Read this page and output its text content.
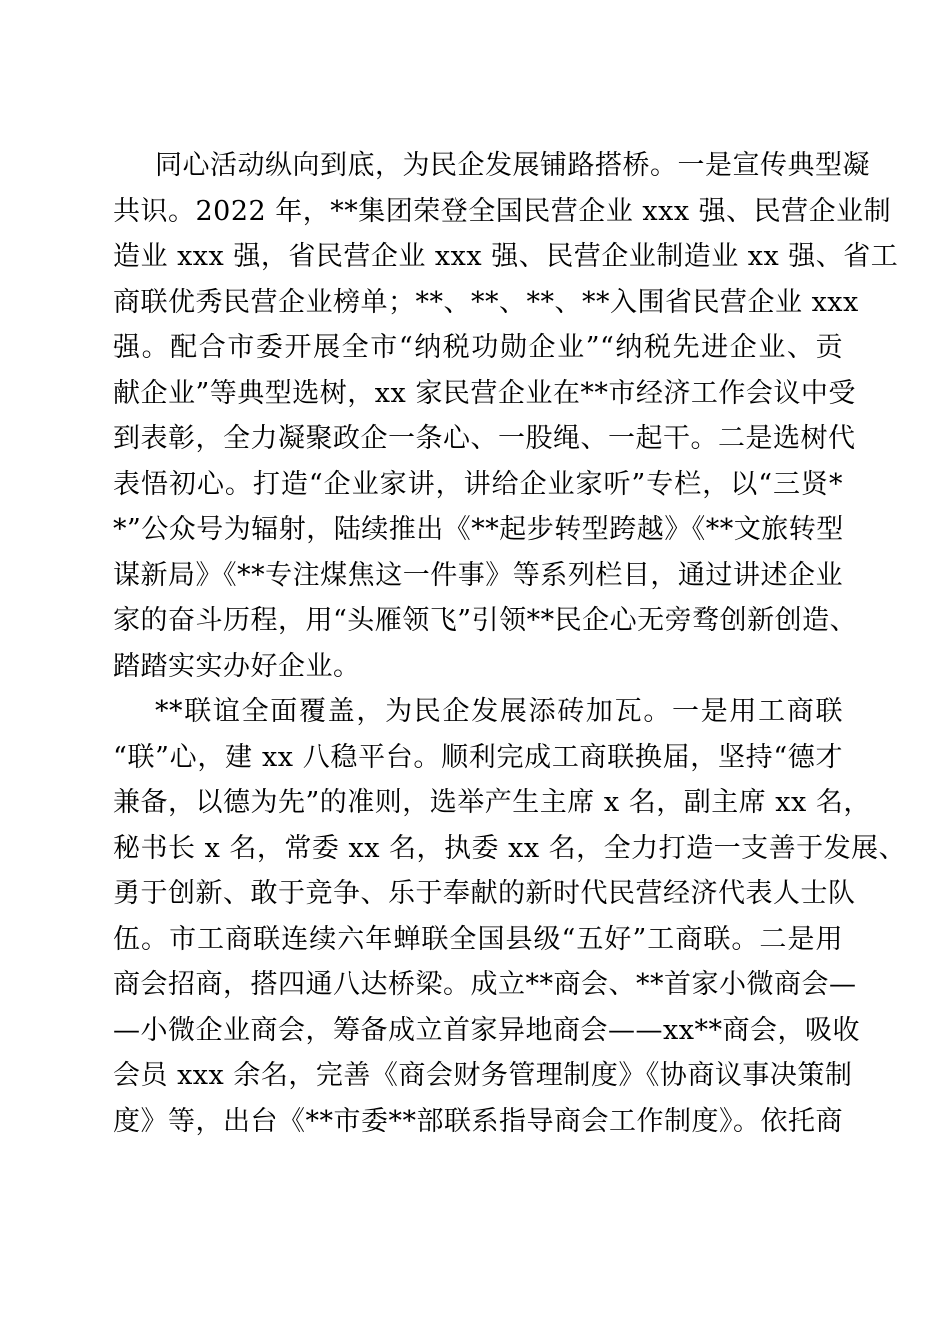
同心活动纵向到底，为民企发展铺路搭桥。一是宣传典型凝
共识。2022 年，**集团荣登全国民营企业 xxx 强、民营企业制
造业 xxx 强，省民营企业 xxx 强、民营企业制造业 xx 强、省工
商联优秀民营企业榜单；**、**、**、**入围省民营企业 xxx
强。配合市委开展全市“纳税功勋企业”“纳税先进企业、贡
献企业”等典型选树，xx 家民营企业在**市经济工作会议中受
到表彰，全力凝聚政企一条心、一股绳、一起干。二是选树代
表悟初心。打造“企业家讲，讲给企业家听”专栏，以“三贤*
*”公众号为辐射，陆续推出《**起步转型跨越》《**文旅转型
谋新局》《**专注煤焦这一件事》等系列栏目，通过讲述企业
家的奋斗历程，用“头雁领飞”引领**民企心无旁骛创新创造、
踏踏实实办好企业。
**联谊全面覆盖，为民企发展添砖加瓦。一是用工商联
“联”心，建 xx 八稳平台。顺利完成工商联换届，坚持“德才
兼备，以德为先”的准则，选举产生主席 x 名，副主席 xx 名，
秘书长 x 名，常委 xx 名，执委 xx 名，全力打造一支善于发展、
勇于创新、敢于竞争、乐于奉献的新时代民营经济代表人士队
伍。市工商联连续六年蝉联全国县级“五好”工商联。二是用
商会招商，搭四通八达桥梁。成立**商会、**首家小微商会—
—小微企业商会，筹备成立首家异地商会——xx**商会，吸收
会员 xxx 余名，完善《商会财务管理制度》《协商议事决策制
度》等，出台《**市委**部联系指导商会工作制度》。依托商
